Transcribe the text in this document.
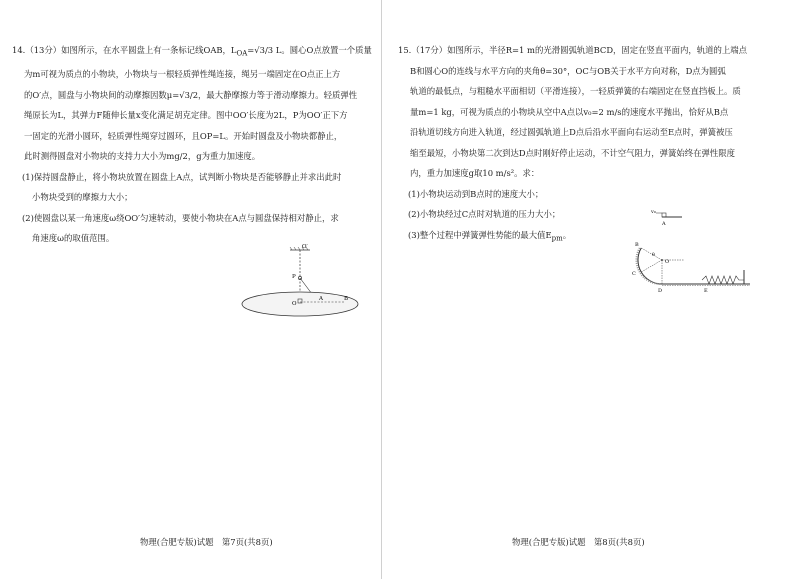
14.（13分）如图所示，在水平圆盘上有一条标记线OAB，$L_{OA}=√3/3$ L。圆心O点放置一个质量

为m可视为质点的小物块，小物块与一根轻质弹性绳连接，绳另一端固定在O点正上方

的O′点，圆盘与小物块间的动摩擦因数μ=√3/2，最大静摩擦力等于滑动摩擦力。轻质弹性

绳原长为L，其弹力F随伸长量x变化满足胡克定律。图中OO′长度为2L，P为OO′正下方

一固定的光滑小圆环，轻质弹性绳穿过圆环，且OP=L。开始时圆盘及小物块都静止，

此时测得圆盘对小物块的支持力大小为mg/2，g为重力加速度。

(1)保持圆盘静止，将小物块放置在圆盘上A点，试判断小物块是否能够静止并求出此时

小物块受到的摩擦力大小；

(2)使圆盘以某一角速度ω绕OO′匀速转动，要使小物块在A点与圆盘保持相对静止，求

角速度ω的取值范围。

O′
P
O
A	B
物理(合肥专版)试题　第7页(共8页)

15.（17分）如图所示，半径R=1 m的光滑圆弧轨道BCD，固定在竖直平面内，轨道的上端点

B和圆心O的连线与水平方向的夹角θ=30°，OC与OB关于水平方向对称，D点为圆弧

轨道的最低点，与粗糙水平面相切（平滑连接），一轻质弹簧的右端固定在竖直挡板上。质

量m=1 kg，可视为质点的小物块从空中A点以v₀=2 m/s的速度水平抛出，恰好从B点

沿轨道切线方向进入轨道，经过圆弧轨道上D点后沿水平面向右运动至E点时，弹簧被压

缩至最短，小物块第二次到达D点时刚好停止运动，不计空气阻力，弹簧始终在弹性限度

内，重力加速度g取10 m/s²。求：

(1)小物块运动到B点时的速度大小；

(2)小物块经过C点时对轨道的压力大小；

(3)整个过程中弹簧弹性势能的最大值$E_{pm}$。

v₀
A
B
C
O
D	E
θ
物理(合肥专版)试题　第8页(共8页)
